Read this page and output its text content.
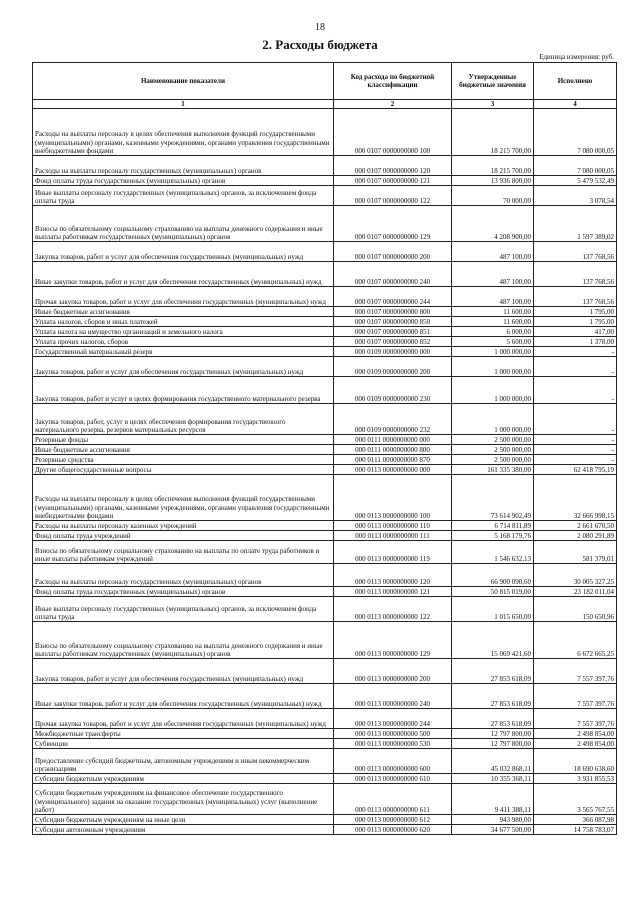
18
2. Расходы бюджета
Единица измерения: руб.
Наименование показатели	Код расхода по бюджетной классификации	Утвержденные бюджетные значения	Исполнено
1	2	3	4
Расходы на выплаты персоналу в целях обеспечения выполнения функций государственными (муниципальными) органами, казенными учреждениями, органами управления государственными внебюджетными фондами	000 0107 0000000000 100	18 215 700,00	7 080 000,05
Расходы на выплаты персоналу государственных (муниципальных) органов	000 0107 0000000000 120	18 215 700,00	7 080 000,05
Фонд оплаты труда государственных (муниципальных) органов	000 0107 0000000000 121	13 936 800,00	5 479 532,49
Иные выплаты персоналу государственных (муниципальных) органов, за исключением фонда оплаты труда	000 0107 0000000000 122	70 000,00	3 078,54
Взносы по обязательному социальному страхованию на выплаты денежного содержания и иные выплаты работникам государственных (муниципальных) органов	000 0107 0000000000 129	4 208 900,00	1 597 389,02
Закупка товаров, работ и услуг для обеспечения государственных (муниципальных) нужд	000 0107 0000000000 200	487 100,00	137 768,56
Иные закупки товаров, работ и услуг для обеспечения государственных (муниципальных) нужд	000 0107 0000000000 240	487 100,00	137 768,56
Прочая закупка товаров, работ и услуг для обеспечения государственных (муниципальных) нужд	000 0107 0000000000 244	487 100,00	137 768,56
Иные бюджетные ассигнования	000 0107 0000000000 800	11 600,00	1 795,00
Уплата налогов, сборов и иных платежей	000 0107 0000000000 850	11 600,00	1 795,00
Уплата налога на имущество организаций и земельного налога	000 0107 0000000000 851	6 000,00	417,00
Уплата прочих налогов, сборов	000 0107 0000000000 852	5 600,00	1 378,00
Государственный материальный резерв	000 0109 0000000000 000	1 000 000,00	-
Закупка товаров, работ и услуг для обеспечения государственных (муниципальных) нужд	000 0109 0000000000 200	1 000 000,00	-
Закупка товаров, работ и услуг в целях формирования государственного материального резерва	000 0109 0000000000 230	1 000 000,00	-
Закупка товаров, работ, услуг в целях обеспечения формирования государственного материального резерва, резервов материальных ресурсов	000 0109 0000000000 232	1 000 000,00	-
Резервные фонды	000 0111 0000000000 000	2 500 000,00	-
Иные бюджетные ассигнования	000 0111 0000000000 800	2 500 000,00	-
Резервные средства	000 0111 0000000000 870	2 500 000,00	-
Другие общегосударственные вопросы	000 0113 0000000000 000	161 335 380,00	62 418 795,19
Расходы на выплаты персоналу в целях обеспечения выполнения функций государственными (муниципальными) органами, казенными учреждениями, органами управления государственными внебюджетными фондами	000 0113 0000000000 100	73 614 902,49	32 666 998,15
Расходы на выплаты персоналу казенных учреждений	000 0113 0000000000 110	6 714 811,89	2 661 670,50
Фонд оплаты труда учреждений	000 0113 0000000000 111	5 168 179,76	2 080 291,89
Взносы по обязательному социальному страхованию на выплаты по оплате труда работников и иные выплаты работникам учреждений	000 0113 0000000000 119	1 546 632,13	581 379,01
Расходы на выплаты персоналу государственных (муниципальных) органов	000 0113 0000000000 120	66 900 090,60	30 005 327,25
Фонд оплаты труда государственных (муниципальных) органов	000 0113 0000000000 121	50 815 019,00	23 182 011,04
Иные выплаты персоналу государственных (муниципальных) органов, за исключением фонда оплаты труда	000 0113 0000000000 122	1 015 650,00	150 650,96
Взносы по обязательному социальному страхованию на выплаты денежного содержания и иные выплаты работникам государственных (муниципальных) органов	000 0113 0000000000 129	15 069 421,60	6 672 665,25
Закупка товаров, работ и услуг для обеспечения государственных (муниципальных) нужд	000 0113 0000000000 200	27 853 618,09	7 557 397,76
Иные закупки товаров, работ и услуг для обеспечения государственных (муниципальных) нужд	000 0113 0000000000 240	27 853 618,09	7 557 397,76
Прочая закупка товаров, работ и услуг для обеспечения государственных (муниципальных) нужд	000 0113 0000000000 244	27 853 618,09	7 557 397,76
Межбюджетные трансферты	000 0113 0000000000 500	12 797 800,00	2 498 854,00
Субвенции	000 0113 0000000000 530	12 797 800,00	2 498 854,00
Предоставление субсидий бюджетным, автономным учреждениям и иным некоммерческим организациям	000 0113 0000000000 600	45 032 868,11	18 690 638,60
Субсидии бюджетным учреждениям	000 0113 0000000000 610	10 355 368,11	3 931 855,53
Субсидии бюджетным учреждениям на финансовое обеспечение государственного (муниципального) задания на оказание государственных (муниципальных) услуг (выполнение работ)	000 0113 0000000000 611	9 411 388,11	3 565 767,55
Субсидии бюджетным учреждениям на иные цели	000 0113 0000000000 612	943 980,00	366 087,98
Субсидии автономным учреждениям	000 0113 0000000000 620	34 677 500,00	14 758 783,07
